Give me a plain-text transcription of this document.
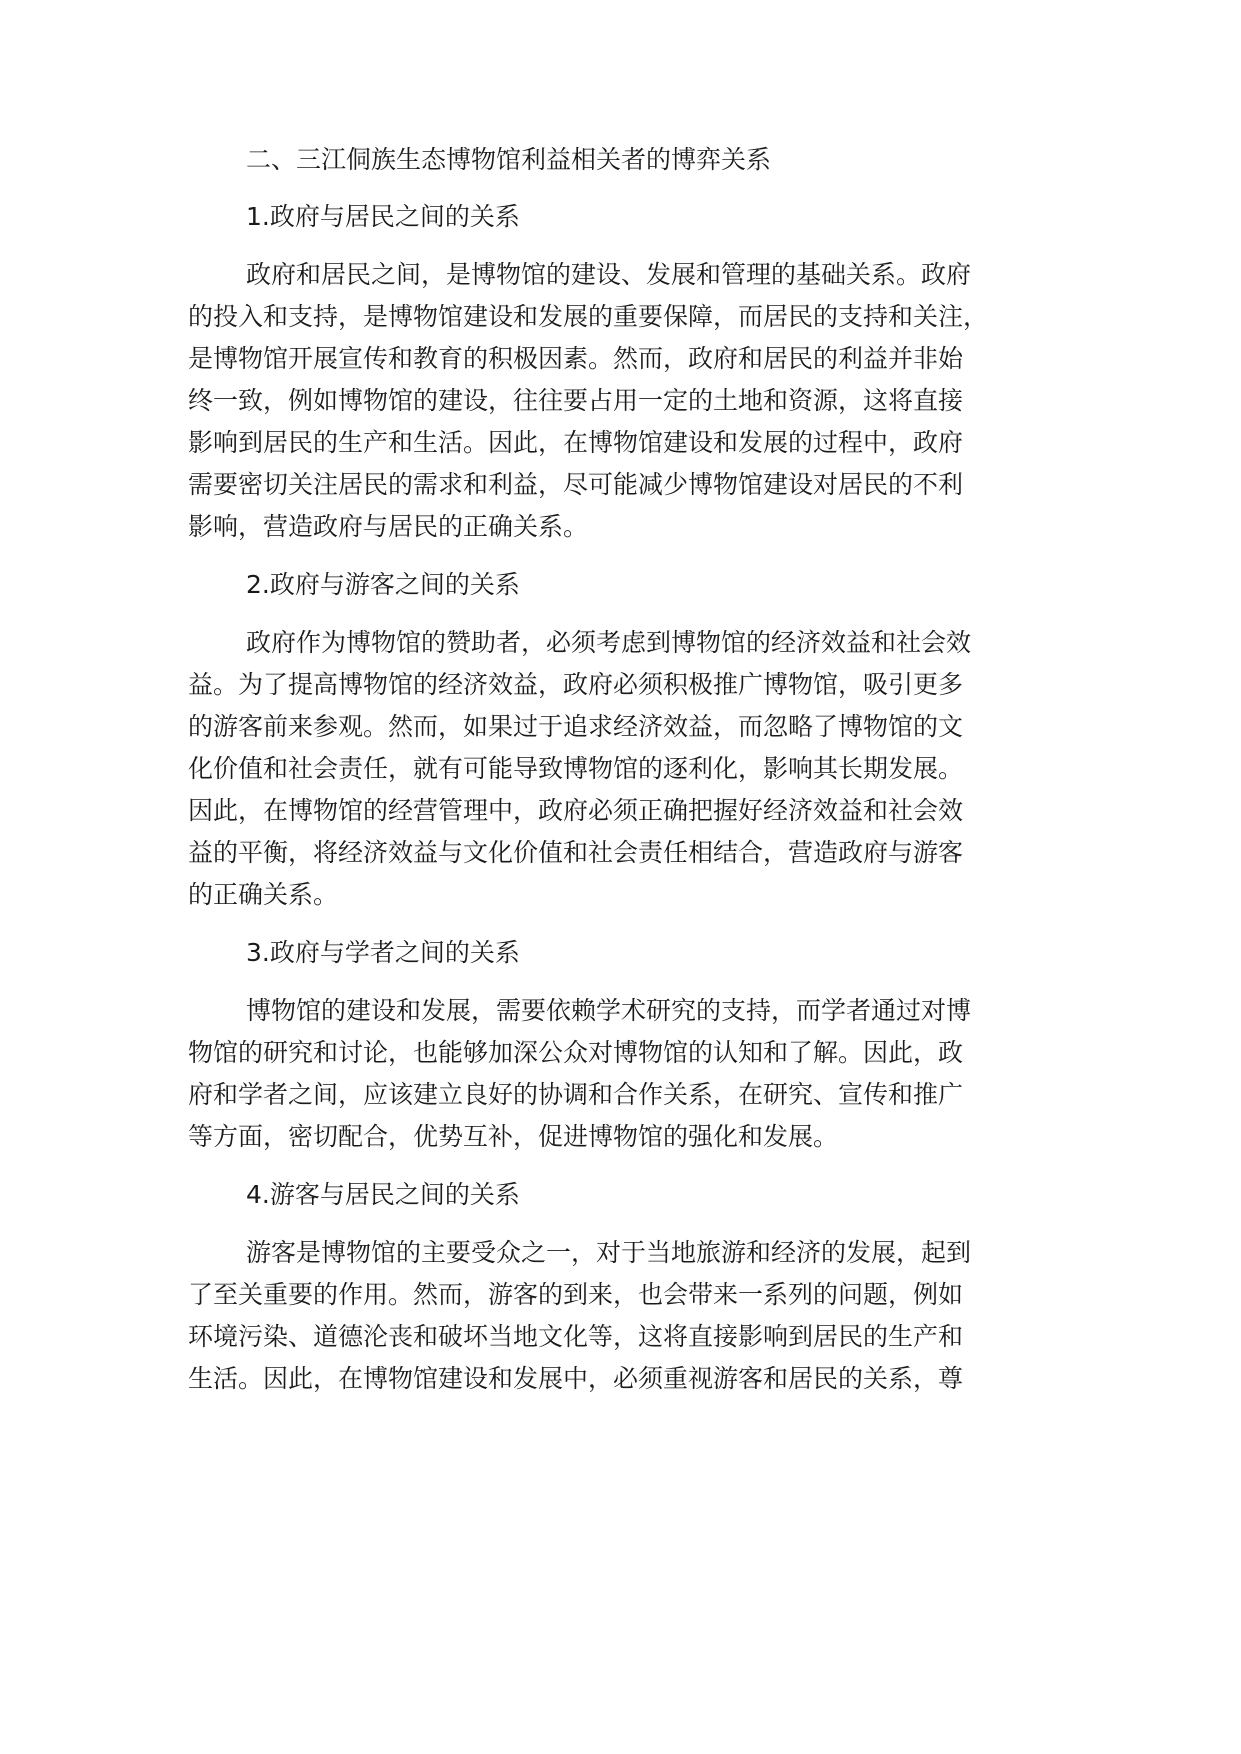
二、三江侗族生态博物馆利益相关者的博弈关系
1.政府与居民之间的关系
政府和居民之间，是博物馆的建设、发展和管理的基础关系。政府
的投入和支持，是博物馆建设和发展的重要保障，而居民的支持和关注，
是博物馆开展宣传和教育的积极因素。然而，政府和居民的利益并非始
终一致，例如博物馆的建设，往往要占用一定的土地和资源，这将直接
影响到居民的生产和生活。因此，在博物馆建设和发展的过程中，政府
需要密切关注居民的需求和利益，尽可能减少博物馆建设对居民的不利
影响，营造政府与居民的正确关系。
2.政府与游客之间的关系
政府作为博物馆的赞助者，必须考虑到博物馆的经济效益和社会效
益。为了提高博物馆的经济效益，政府必须积极推广博物馆，吸引更多
的游客前来参观。然而，如果过于追求经济效益，而忽略了博物馆的文
化价值和社会责任，就有可能导致博物馆的逐利化，影响其长期发展。
因此，在博物馆的经营管理中，政府必须正确把握好经济效益和社会效
益的平衡，将经济效益与文化价值和社会责任相结合，营造政府与游客
的正确关系。
3.政府与学者之间的关系
博物馆的建设和发展，需要依赖学术研究的支持，而学者通过对博
物馆的研究和讨论，也能够加深公众对博物馆的认知和了解。因此，政
府和学者之间，应该建立良好的协调和合作关系，在研究、宣传和推广
等方面，密切配合，优势互补，促进博物馆的强化和发展。
4.游客与居民之间的关系
游客是博物馆的主要受众之一，对于当地旅游和经济的发展，起到
了至关重要的作用。然而，游客的到来，也会带来一系列的问题，例如
环境污染、道德沦丧和破坏当地文化等，这将直接影响到居民的生产和
生活。因此，在博物馆建设和发展中，必须重视游客和居民的关系，尊
